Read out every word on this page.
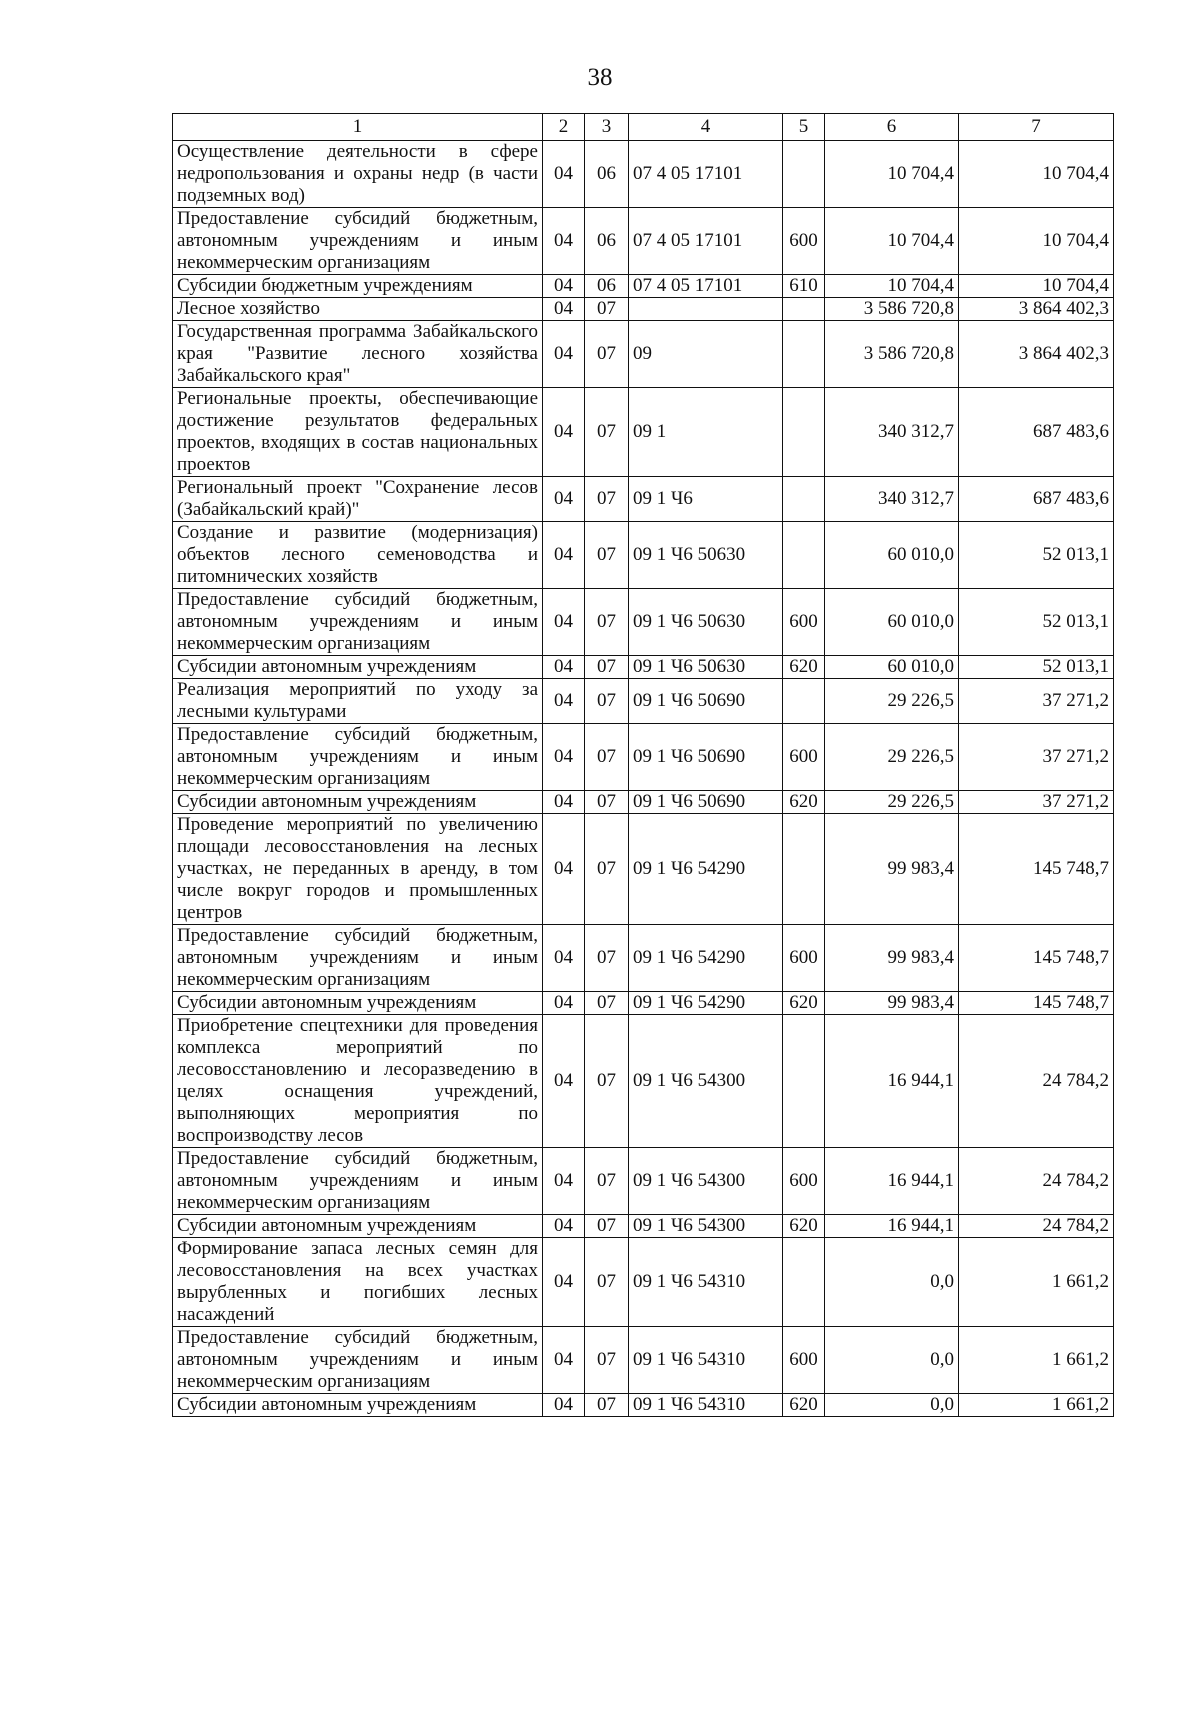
38
1	2	3	4	5	6	7
Осуществление деятельности в сфере недропользования и охраны недр (в части подземных вод)	04	06	07 4 05 17101		10 704,4	10 704,4
Предоставление субсидий бюджетным, автономным учреждениям и иным некоммерческим организациям	04	06	07 4 05 17101	600	10 704,4	10 704,4
Субсидии бюджетным учреждениям	04	06	07 4 05 17101	610	10 704,4	10 704,4
Лесное хозяйство	04	07			3 586 720,8	3 864 402,3
Государственная программа Забайкальского края "Развитие лесного хозяйства Забайкальского края"	04	07	09		3 586 720,8	3 864 402,3
Региональные проекты, обеспечивающие достижение результатов федеральных проектов, входящих в состав национальных проектов	04	07	09 1		340 312,7	687 483,6
Региональный проект "Сохранение лесов (Забайкальский край)"	04	07	09 1 Ч6		340 312,7	687 483,6
Создание и развитие (модернизация) объектов лесного семеноводства и питомнических хозяйств	04	07	09 1 Ч6 50630		60 010,0	52 013,1
Предоставление субсидий бюджетным, автономным учреждениям и иным некоммерческим организациям	04	07	09 1 Ч6 50630	600	60 010,0	52 013,1
Субсидии автономным учреждениям	04	07	09 1 Ч6 50630	620	60 010,0	52 013,1
Реализация мероприятий по уходу за лесными культурами	04	07	09 1 Ч6 50690		29 226,5	37 271,2
Предоставление субсидий бюджетным, автономным учреждениям и иным некоммерческим организациям	04	07	09 1 Ч6 50690	600	29 226,5	37 271,2
Субсидии автономным учреждениям	04	07	09 1 Ч6 50690	620	29 226,5	37 271,2
Проведение мероприятий по увеличению площади лесовосстановления на лесных участках, не переданных в аренду, в том числе вокруг городов и промышленных центров	04	07	09 1 Ч6 54290		99 983,4	145 748,7
Предоставление субсидий бюджетным, автономным учреждениям и иным некоммерческим организациям	04	07	09 1 Ч6 54290	600	99 983,4	145 748,7
Субсидии автономным учреждениям	04	07	09 1 Ч6 54290	620	99 983,4	145 748,7
Приобретение спецтехники для проведения комплекса мероприятий по лесовосстановлению и лесоразведению в целях оснащения учреждений, выполняющих мероприятия по воспроизводству лесов	04	07	09 1 Ч6 54300		16 944,1	24 784,2
Предоставление субсидий бюджетным, автономным учреждениям и иным некоммерческим организациям	04	07	09 1 Ч6 54300	600	16 944,1	24 784,2
Субсидии автономным учреждениям	04	07	09 1 Ч6 54300	620	16 944,1	24 784,2
Формирование запаса лесных семян для лесовосстановления на всех участках вырубленных и погибших лесных насаждений	04	07	09 1 Ч6 54310		0,0	1 661,2
Предоставление субсидий бюджетным, автономным учреждениям и иным некоммерческим организациям	04	07	09 1 Ч6 54310	600	0,0	1 661,2
Субсидии автономным учреждениям	04	07	09 1 Ч6 54310	620	0,0	1 661,2
